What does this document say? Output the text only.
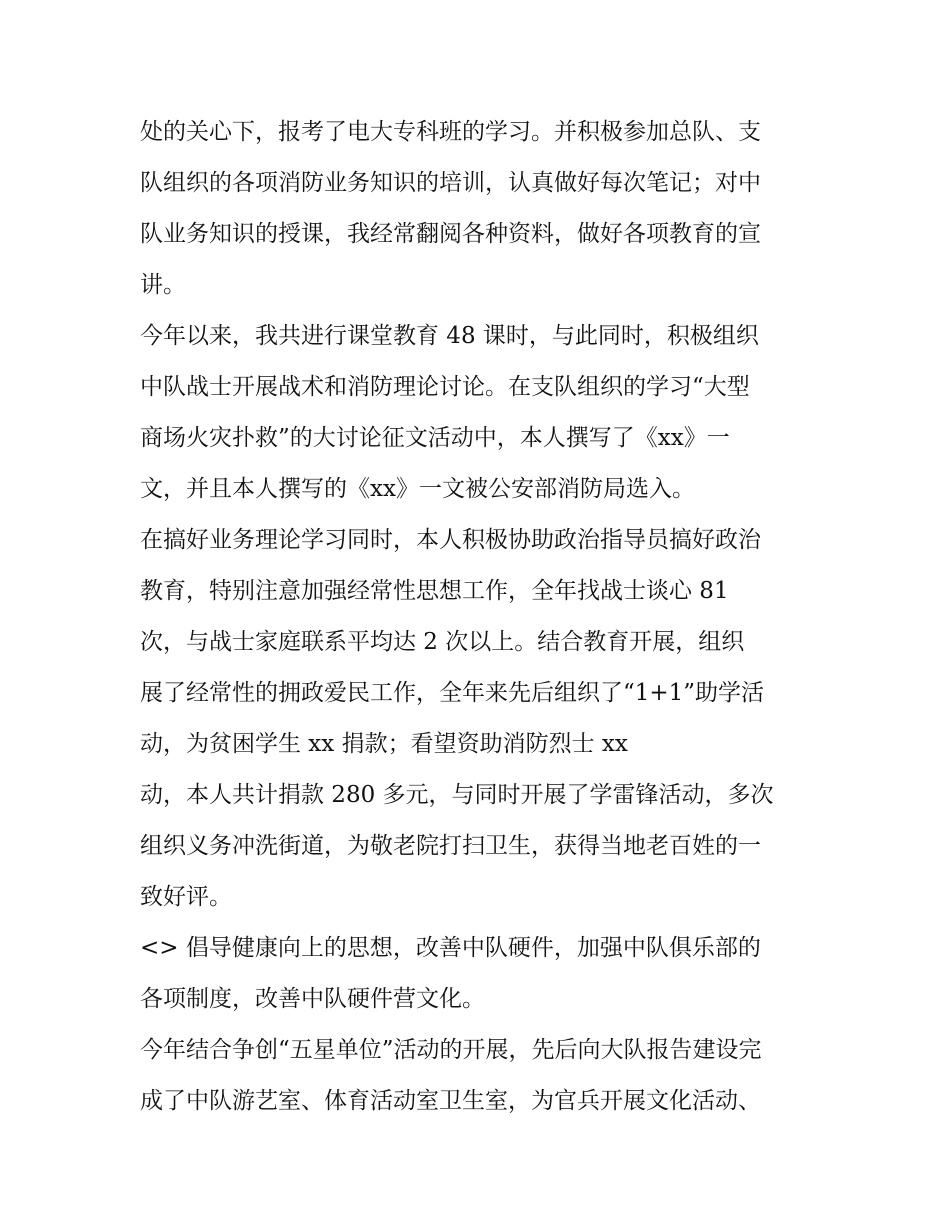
处的关心下，报考了电大专科班的学习。并积极参加总队、支
队组织的各项消防业务知识的培训，认真做好每次笔记；对中
队业务知识的授课，我经常翻阅各种资料，做好各项教育的宣
讲。
今年以来，我共进行课堂教育 48 课时，与此同时，积极组织
中队战士开展战术和消防理论讨论。在支队组织的学习“大型
商场火灾扑救”的大讨论征文活动中，本人撰写了《xx》一
文，并且本人撰写的《xx》一文被公安部消防局选入。
在搞好业务理论学习同时，本人积极协助政治指导员搞好政治
教育，特别注意加强经常性思想工作，全年找战士谈心 81
次，与战士家庭联系平均达 2 次以上。结合教育开展，组织
展了经常性的拥政爱民工作，全年来先后组织了“1+1”助学活
动，为贫困学生 xx 捐款；看望资助消防烈士 xx
动，本人共计捐款 280 多元，与同时开展了学雷锋活动，多次
组织义务冲洗街道，为敬老院打扫卫生，获得当地老百姓的一
致好评。
<> 倡导健康向上的思想，改善中队硬件，加强中队俱乐部的
各项制度，改善中队硬件营文化。
今年结合争创“五星单位”活动的开展，先后向大队报告建设完
成了中队游艺室、体育活动室卫生室，为官兵开展文化活动、
